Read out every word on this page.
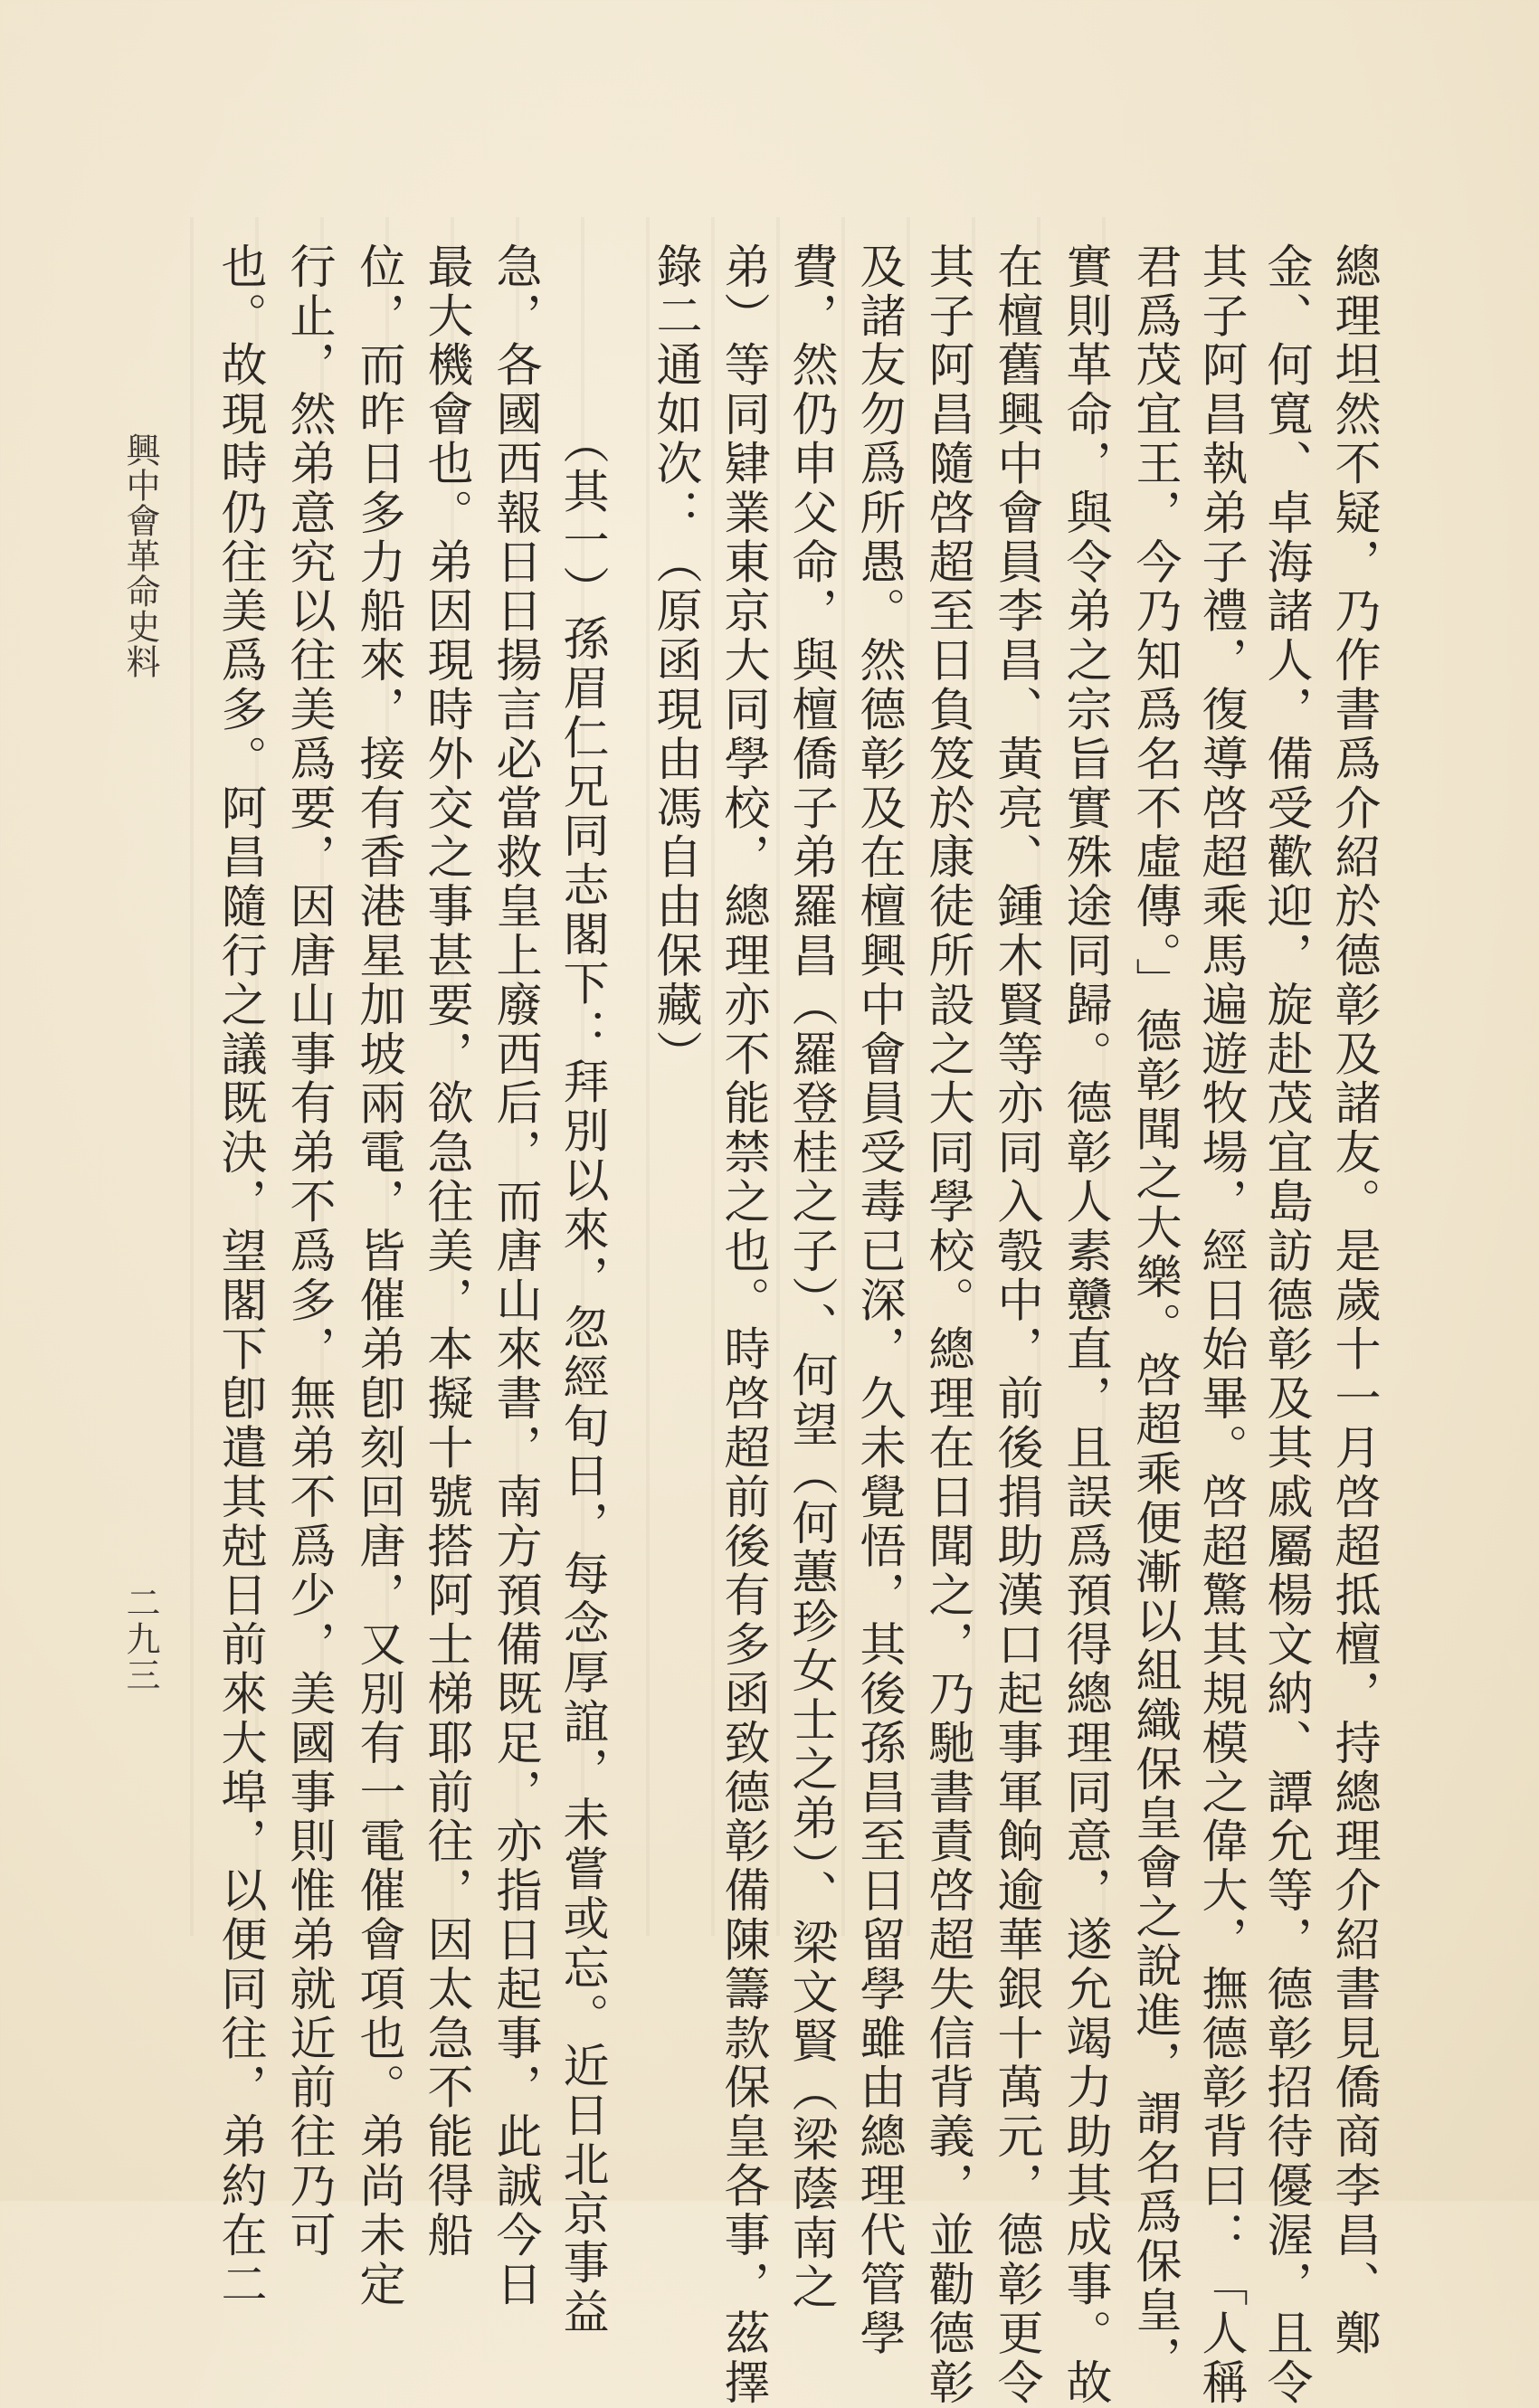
總理坦然不疑，乃作書爲介紹於德彰及諸友。是歲十一月啓超抵檀，持總理介紹書見僑商李昌、鄭
金、何寬、卓海諸人，備受歡迎，旋赴茂宜島訪德彰及其戚屬楊文納、譚允等，德彰招待優渥，且令
其子阿昌執弟子禮，復導啓超乘馬遍遊牧場，經日始畢。啓超驚其規模之偉大，撫德彰背曰：「人稱
君爲茂宜王，今乃知爲名不虛傳。」德彰聞之大樂。啓超乘便漸以組織保皇會之說進，謂名爲保皇，
實則革命，與令弟之宗旨實殊途同歸。德彰人素戇直，且誤爲預得總理同意，遂允竭力助其成事。故
在檀舊興中會員李昌、黃亮、鍾木賢等亦同入彀中，前後捐助漢口起事軍餉逾華銀十萬元，德彰更令
其子阿昌隨啓超至日負笈於康徒所設之大同學校。總理在日聞之，乃馳書責啓超失信背義，並勸德彰
及諸友勿爲所愚。然德彰及在檀興中會員受毒已深，久未覺悟，其後孫昌至日留學雖由總理代管學
費，然仍申父命，與檀僑子弟羅昌（羅登桂之子）、何望（何蕙珍女士之弟）、梁文賢（梁蔭南之
弟）等同肄業東京大同學校，總理亦不能禁之也。時啓超前後有多函致德彰備陳籌款保皇各事，茲擇
錄二通如次：（原函現由馮自由保藏）
（其一）孫眉仁兄同志閣下：拜別以來，忽經旬日，每念厚誼，未嘗或忘。近日北京事益
急，各國西報日日揚言必當救皇上廢西后，而唐山來書，南方預備既足，亦指日起事，此誠今日
最大機會也。弟因現時外交之事甚要，欲急往美，本擬十號搭阿士梯耶前往，因太急不能得船
位，而昨日多力船來，接有香港星加坡兩電，皆催弟卽刻回唐，又別有一電催會項也。弟尚未定
行止，然弟意究以往美爲要，因唐山事有弟不爲多，無弟不爲少，美國事則惟弟就近前往乃可
也。故現時仍往美爲多。阿昌隨行之議既決，望閣下卽遣其尅日前來大埠，以便同往，弟約在二
興中會革命史料
二九三
